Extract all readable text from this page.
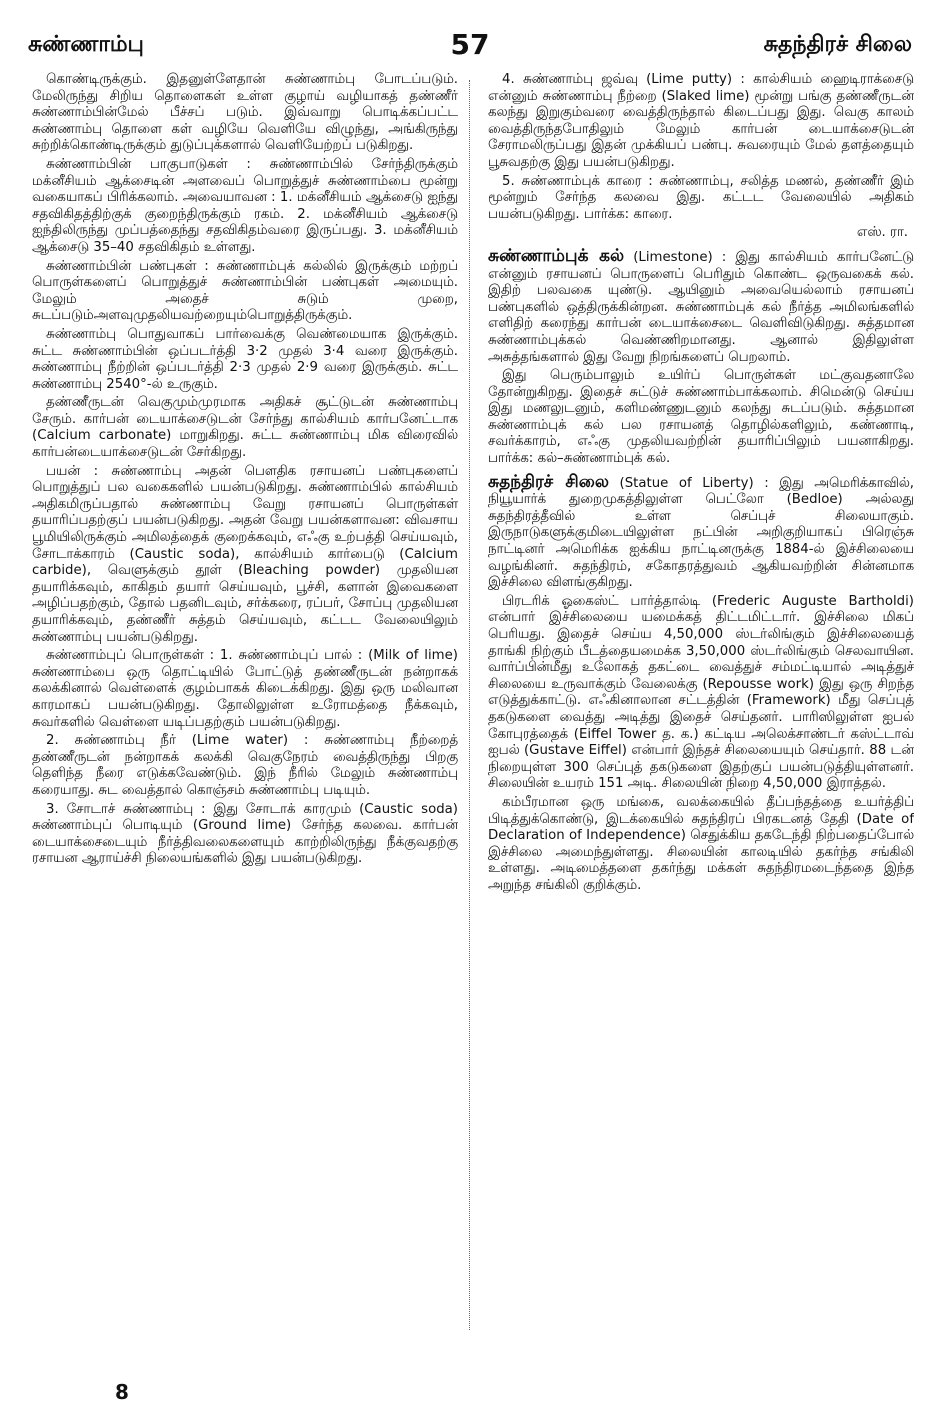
சுண்ணாம்பு	57	சுதந்திரச் சிலை

கொண்டிருக்கும். இதனுள்ளேதான் சுண்ணாம்பு போடப்படும். மேலிருந்து சிறிய தொளைகள் உள்ள குழாய் வழியாகத் தண்ணீர் சுண்ணாம்பின்மேல் பீச்சப் படும். இவ்வாறு பொடிக்கப்பட்ட சுண்ணாம்பு தொளை கள் வழியே வெளியே விழுந்து, அங்கிருந்து சுற்றிக்கொண்டிருக்கும் துடுப்புக்களால் வெளியேற்றப் படுகிறது.

சுண்ணாம்பின் பாகுபாடுகள் : சுண்ணாம்பில் சேர்ந்திருக்கும் மக்னீசியம் ஆக்சைடின் அளவைப் பொறுத்துச் சுண்ணாம்பை மூன்று வகையாகப் பிரிக்கலாம். அவையாவன : 1. மக்னீசியம் ஆக்சைடு ஐந்து சதவிகிதத்திற்குக் குறைந்திருக்கும் ரகம். 2. மக்னீசியம் ஆக்சைடு ஐந்திலிருந்து முப்பத்தைந்து சதவிகிதம்வரை இருப்பது. 3. மக்னீசியம் ஆக்சைடு 35–40 சதவிகிதம் உள்ளது.

சுண்ணாம்பின் பண்புகள் : சுண்ணாம்புக் கல்லில் இருக்கும் மற்றப் பொருள்களைப் பொறுத்துச் சுண்ணாம்பின் பண்புகள் அமையும். மேலும் அதைச் சுடும் முறை, சுடப்படும்அளவுமுதலியவற்றையும்பொறுத்திருக்கும்.

சுண்ணாம்பு பொதுவாகப் பார்வைக்கு வெண்மையாக இருக்கும். சுட்ட சுண்ணாம்பின் ஒப்படர்த்தி 3·2 முதல் 3·4 வரை இருக்கும். சுண்ணாம்பு நீற்றின் ஒப்படர்த்தி 2·3 முதல் 2·9 வரை இருக்கும். சுட்ட சுண்ணாம்பு 2540°-ல் உருகும்.

தண்ணீருடன் வெகுமும்முரமாக அதிகச் சூட்டுடன் சுண்ணாம்பு சேரும். கார்பன் டையாக்சைடுடன் சேர்ந்து கால்சியம் கார்பனேட்டாக (Calcium carbonate) மாறுகிறது. சுட்ட சுண்ணாம்பு மிக விரைவில் கார்பன்டையாக்சைடுடன் சேர்கிறது.

பயன் : சுண்ணாம்பு அதன் பௌதிக ரசாயனப் பண்புகளைப் பொறுத்துப் பல வகைகளில் பயன்படுகிறது. சுண்ணாம்பில் கால்சியம் அதிகமிருப்பதால் சுண்ணாம்பு வேறு ரசாயனப் பொருள்கள் தயாரிப்பதற்குப் பயன்படுகிறது. அதன் வேறு பயன்களாவன: விவசாய பூமியிலிருக்கும் அமிலத்தைக் குறைக்கவும், எஃகு உற்பத்தி செய்யவும், சோடாக்காரம் (Caustic soda), கால்சியம் கார்பைடு (Calcium carbide), வெளுக்கும் தூள் (Bleaching powder) முதலியன தயாரிக்கவும், காகிதம் தயார் செய்யவும், பூச்சி, களான் இவைகளை அழிப்பதற்கும், தோல் பதனிடவும், சர்க்கரை, ரப்பர், சோப்பு முதலியன தயாரிக்கவும், தண்ணீர் சுத்தம் செய்யவும், கட்டட வேலையிலும் சுண்ணாம்பு பயன்படுகிறது.

சுண்ணாம்புப் பொருள்கள் : 1. சுண்ணாம்புப் பால் : (Milk of lime) சுண்ணாம்பை ஒரு தொட்டியில் போட்டுத் தண்ணீருடன் நன்றாகக் கலக்கினால் வெள்ளைக் குழம்பாகக் கிடைக்கிறது. இது ஒரு மலிவான காரமாகப் பயன்படுகிறது. தோலிலுள்ள உரோமத்தை நீக்கவும், சுவர்களில் வெள்ளை யடிப்பதற்கும் பயன்படுகிறது.

2. சுண்ணாம்பு நீர் (Lime water) : சுண்ணாம்பு நீற்றைத் தண்ணீருடன் நன்றாகக் கலக்கி வெகுநேரம் வைத்திருந்து பிறகு தெளிந்த நீரை எடுக்கவேண்டும். இந் நீரில் மேலும் சுண்ணாம்பு கரையாது. சுட வைத்தால் கொஞ்சம் சுண்ணாம்பு படியும்.

3. சோடாச் சுண்ணாம்பு : இது சோடாக் காரமும் (Caustic soda) சுண்ணாம்புப் பொடியும் (Ground lime) சேர்ந்த கலவை. கார்பன் டையாக்சைடையும் நீர்த்திவலைகளையும் காற்றிலிருந்து நீக்குவதற்கு ரசாயன ஆராய்ச்சி நிலையங்களில் இது பயன்படுகிறது.

4. சுண்ணாம்பு ஜவ்வு (Lime putty) : கால்சியம் ஹைடிராக்சைடு என்னும் சுண்ணாம்பு நீற்றை (Slaked lime) மூன்று பங்கு தண்ணீருடன் கலந்து இறுகும்வரை வைத்திருந்தால் கிடைப்பது இது. வெகு காலம் வைத்திருந்தபோதிலும் மேலும் கார்பன் டையாக்சைடுடன் சேராமலிருப்பது இதன் முக்கியப் பண்பு. சுவரையும் மேல் தளத்தையும் பூசுவதற்கு இது பயன்படுகிறது.

5. சுண்ணாம்புக் காரை : சுண்ணாம்பு, சலித்த மணல், தண்ணீர் இம் மூன்றும் சேர்ந்த கலவை இது. கட்டட வேலையில் அதிகம் பயன்படுகிறது. பார்க்க: காரை.

எஸ். ரா.

சுண்ணாம்புக் கல் (Limestone) : இது கால்சியம் கார்பனேட்டு என்னும் ரசாயனப் பொருளைப் பெரிதும் கொண்ட ஒருவகைக் கல். இதிற் பலவகை யுண்டு. ஆயினும் அவையெல்லாம் ரசாயனப் பண்புகளில் ஒத்திருக்கின்றன. சுண்ணாம்புக் கல் நீர்த்த அமிலங்களில் எளிதிற் கரைந்து கார்பன் டையாக்சைடை வெளிவிடுகிறது. சுத்தமான சுண்ணாம்புக்கல் வெண்ணிறமானது. ஆனால் இதிலுள்ள அசுத்தங்களால் இது வேறு நிறங்களைப் பெறலாம்.

இது பெரும்பாலும் உயிர்ப் பொருள்கள் மட்குவதனாலே தோன்றுகிறது. இதைச் சுட்டுச் சுண்ணாம்பாக்கலாம். சிமென்டு செய்ய இது மணலுடனும், களிமண்ணுடனும் கலந்து சுடப்படும். சுத்தமான சுண்ணாம்புக் கல் பல ரசாயனத் தொழில்களிலும், கண்ணாடி, சவர்க்காரம், எஃகு முதலியவற்றின் தயாரிப்பிலும் பயனாகிறது. பார்க்க: கல்–சுண்ணாம்புக் கல்.

சுதந்திரச் சிலை (Statue of Liberty) : இது அமெரிக்காவில், நியூயார்க் துறைமுகத்திலுள்ள பெட்லோ (Bedloe) அல்லது சுதந்திரத்தீவில் உள்ள செப்புச் சிலையாகும். இருநாடுகளுக்குமிடையிலுள்ள நட்பின் அறிகுறியாகப் பிரெஞ்சு நாட்டினர் அமெரிக்க ஐக்கிய நாட்டினருக்கு 1884-ல் இச்சிலையை வழங்கினர். சுதந்திரம், சகோதரத்துவம் ஆகியவற்றின் சின்னமாக இச்சிலை விளங்குகிறது.

பிரடரிக் ஓகைஸ்ட் பார்த்தால்டி (Frederic Auguste Bartholdi) என்பார் இச்சிலையை யமைக்கத் திட்டமிட்டார். இச்சிலை மிகப் பெரியது. இதைச் செய்ய 4,50,000 ஸ்டர்லிங்கும் இச்சிலையைத் தாங்கி நிற்கும் பீடத்தையமைக்க 3,50,000 ஸ்டர்லிங்கும் செலவாயின. வார்ப்பின்மீது உலோகத் தகட்டை வைத்துச் சம்மட்டியால் அடித்துச் சிலையை உருவாக்கும் வேலைக்கு (Repousse work) இது ஒரு சிறந்த எடுத்துக்காட்டு. எஃகினாலான சட்டத்தின் (Framework) மீது செப்புத் தகடுகளை வைத்து அடித்து இதைச் செய்தனர். பாரிஸிலுள்ள ஐபல் கோபுரத்தைக் (Eiffel Tower த. க.) கட்டிய அலெக்சாண்டர் கஸ்ட்டாவ் ஐபல் (Gustave Eiffel) என்பார் இந்தச் சிலையையும் செய்தார். 88 டன் நிறையுள்ள 300 செப்புத் தகடுகளை இதற்குப் பயன்படுத்தியுள்ளனர். சிலையின் உயரம் 151 அடி. சிலையின் நிறை 4,50,000 இராத்தல்.

கம்பீரமான ஒரு மங்கை, வலக்கையில் தீப்பந்தத்தை உயர்த்திப் பிடித்துக்கொண்டு, இடக்கையில் சுதந்திரப் பிரகடனத் தேதி (Date of Declaration of Independence) செதுக்கிய தகடேந்தி நிற்பதைப்போல் இச்சிலை அமைந்துள்ளது. சிலையின் காலடியில் தகர்ந்த சங்கிலி உள்ளது. அடிமைத்தளை தகர்ந்து மக்கள் சுதந்திரமடைந்ததை இந்த அறுந்த சங்கிலி குறிக்கும்.

8
